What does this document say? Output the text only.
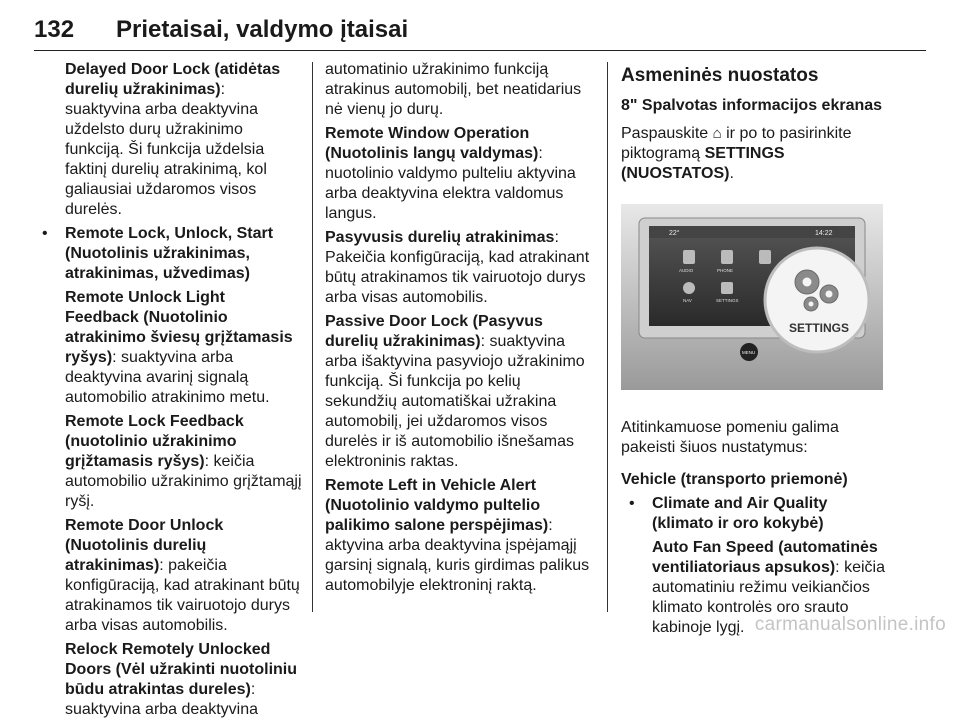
132 Prietaisai, valdymo įtaisai

Delayed Door Lock (atidėtas durelių užrakinimas): suaktyvina arba deaktyvina uždelsto durų užrakinimo funkciją. Ši funkcija uždelsia faktinį durelių atrakinimą, kol galiausiai uždaromos visos durelės.

• Remote Lock, Unlock, Start (Nuotolinis užrakinimas, atrakinimas, užvedimas)

Remote Unlock Light Feedback (Nuotolinio atrakinimo šviesų grįžtamasis ryšys): suaktyvina arba deaktyvina avarinį signalą automobilio atrakinimo metu.

Remote Lock Feedback (nuotolinio užrakinimo grįžtamasis ryšys): keičia automobilio užrakinimo grįžtamąjį ryšį.

Remote Door Unlock (Nuotolinis durelių atrakinimas): pakeičia konfigūraciją, kad atrakinant būtų atrakinamos tik vairuotojo durys arba visas automobilis.

Relock Remotely Unlocked Doors (Vėl užrakinti nuotoliniu būdu atrakintas dureles): suaktyvina arba deaktyvina

automatinio užrakinimo funkciją atrakinus automobilį, bet neatidarius nė vienų jo durų.

Remote Window Operation (Nuotolinis langų valdymas): nuotolinio valdymo pulteliu aktyvina arba deaktyvina elektra valdomus langus.

Pasyvusis durelių atrakinimas: Pakeičia konfigūraciją, kad atrakinant būtų atrakinamos tik vairuotojo durys arba visas automobilis.

Passive Door Lock (Pasyvus durelių užrakinimas): suaktyvina arba išaktyvina pasyviojo užrakinimo funkciją. Ši funkcija po kelių sekundžių automatiškai užrakina automobilį, jei uždaromos visos durelės ir iš automobilio išnešamas elektroninis raktas.

Remote Left in Vehicle Alert (Nuotolinio valdymo pultelio palikimo salone perspėjimas): aktyvina arba deaktyvina įspėjamąjį garsinį signalą, kuris girdimas palikus automobilyje elektroninį raktą.

Asmeninės nuostatos
8" Spalvotas informacijos ekranas

Paspauskite ⌂ ir po to pasirinkite piktogramą SETTINGS (NUOSTATOS).

22°	14:22
AUDIO	PHONE
NAV	SETTINGS
MENU
SETTINGS

Atitinkamuose pomeniu galima pakeisti šiuos nustatymus:

Vehicle (transporto priemonė)

• Climate and Air Quality (klimato ir oro kokybė)

Auto Fan Speed (automatinės ventiliatoriaus apsukos): keičia automatiniu režimu veikiančios klimato kontrolės oro srauto kabinoje lygį. carmanualsonline.info
